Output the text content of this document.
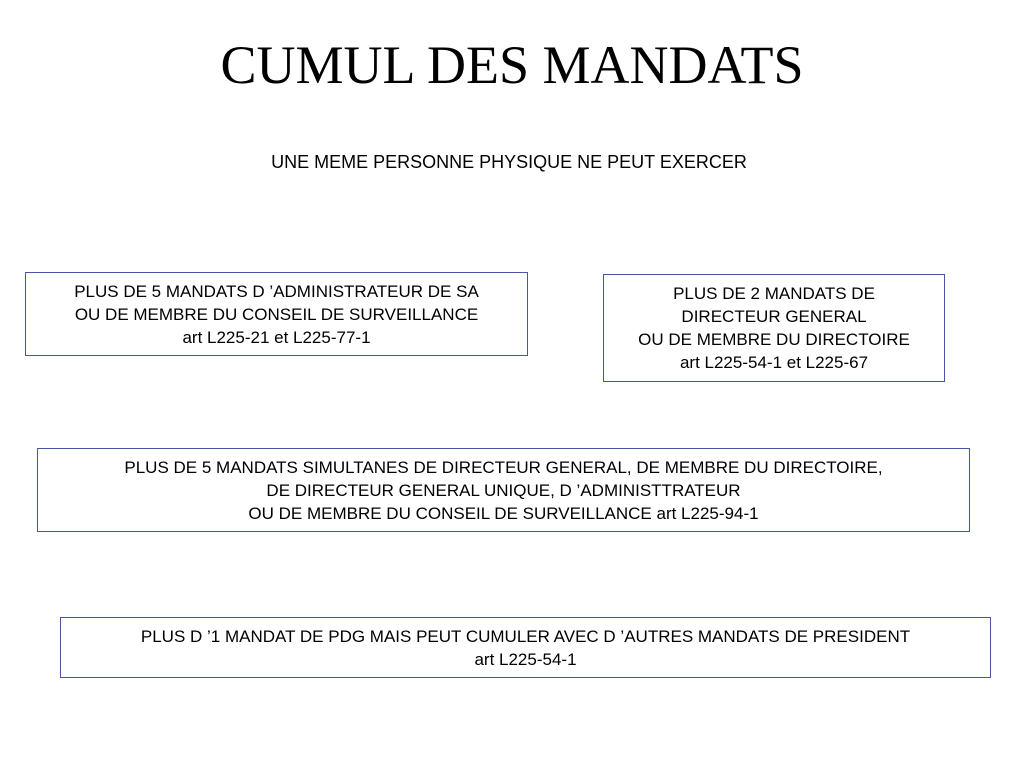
CUMUL DES MANDATS
UNE MEME PERSONNE PHYSIQUE NE PEUT EXERCER
PLUS DE 5 MANDATS D ’ADMINISTRATEUR DE SA
OU DE MEMBRE DU CONSEIL DE SURVEILLANCE
art L225-21 et L225-77-1
PLUS DE 2 MANDATS DE
DIRECTEUR GENERAL
OU DE MEMBRE DU DIRECTOIRE
art L225-54-1 et L225-67
PLUS DE 5 MANDATS SIMULTANES DE DIRECTEUR GENERAL, DE MEMBRE DU DIRECTOIRE,
DE DIRECTEUR GENERAL UNIQUE, D ’ADMINISTTRATEUR
OU DE MEMBRE DU CONSEIL DE SURVEILLANCE art L225-94-1
PLUS D ’1 MANDAT DE PDG MAIS PEUT CUMULER AVEC D ’AUTRES MANDATS DE PRESIDENT
art L225-54-1
